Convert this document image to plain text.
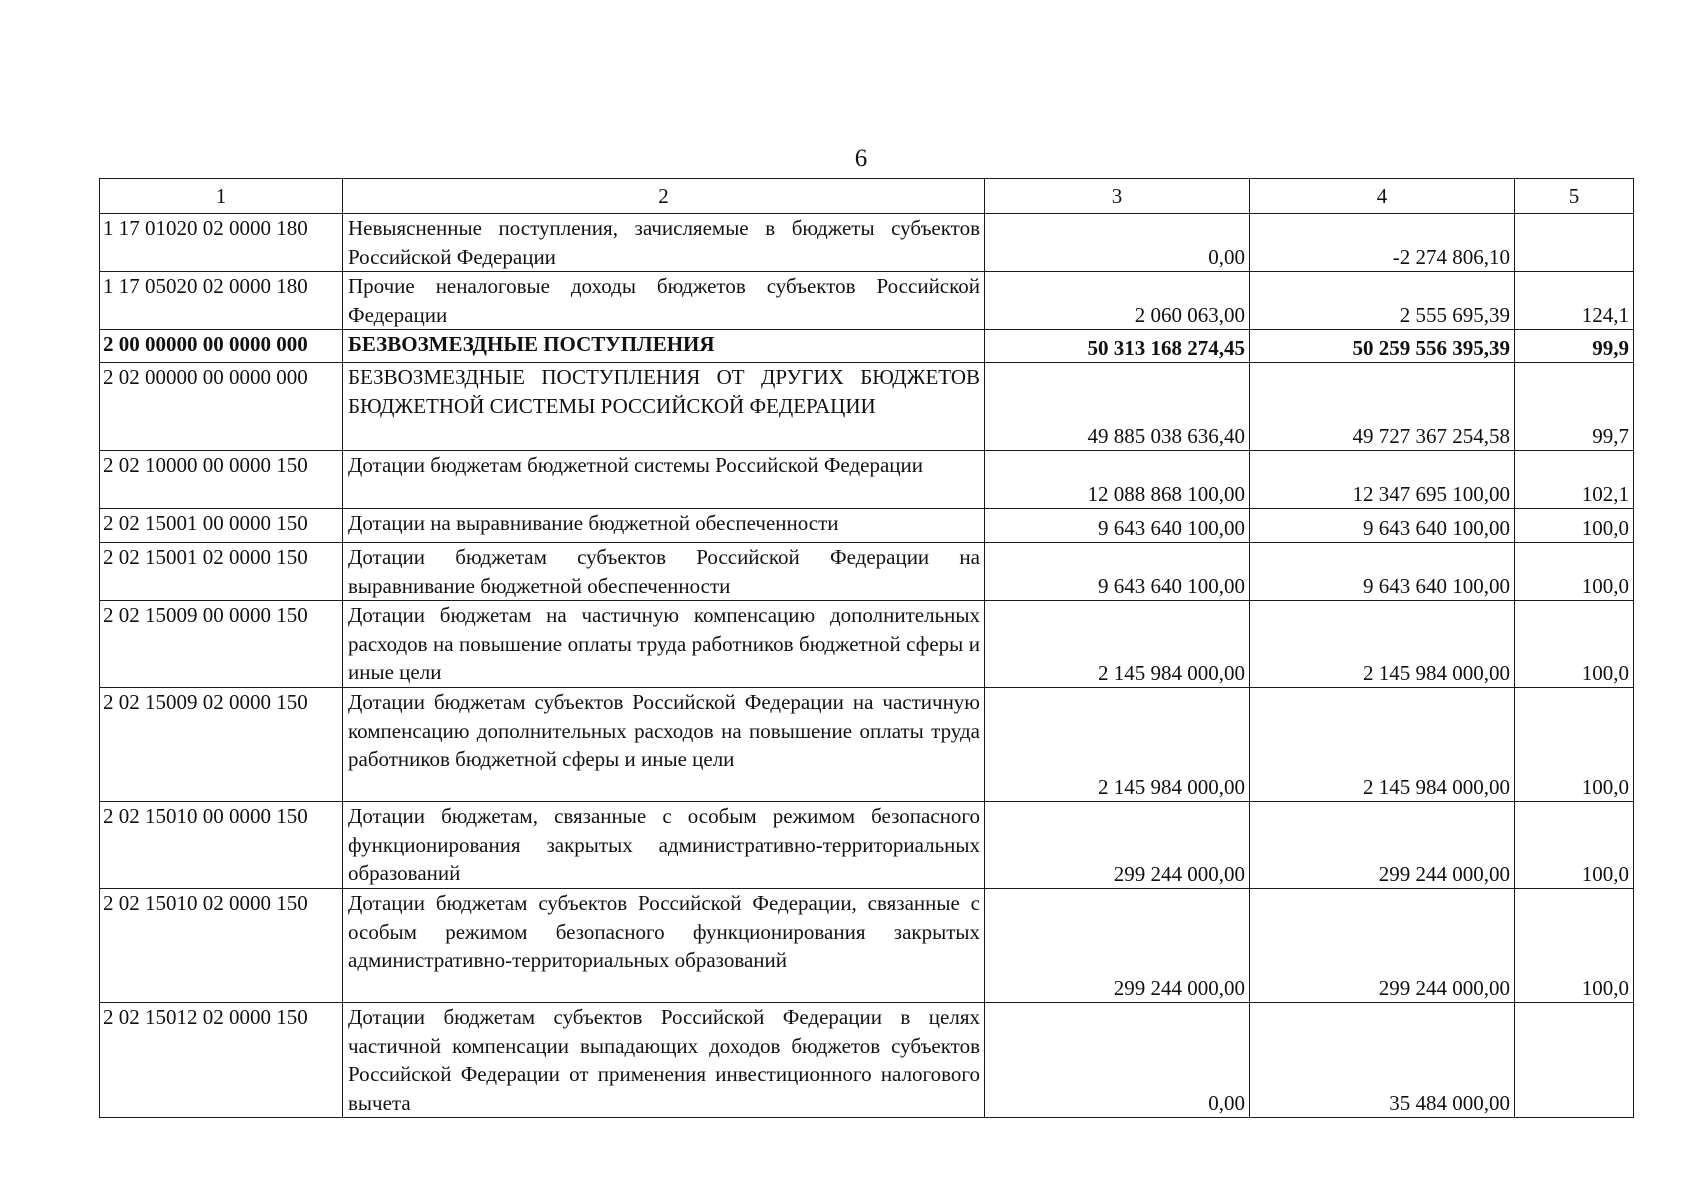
6
1	2	3	4	5
1 17 01020 02 0000 180	Невыясненные поступления, зачисляемые в бюджеты субъектов Российской Федерации	0,00	-2 274 806,10	
1 17 05020 02 0000 180	Прочие неналоговые доходы бюджетов субъектов Российской Федерации	2 060 063,00	2 555 695,39	124,1
2 00 00000 00 0000 000	БЕЗВОЗМЕЗДНЫЕ ПОСТУПЛЕНИЯ	50 313 168 274,45	50 259 556 395,39	99,9
2 02 00000 00 0000 000	БЕЗВОЗМЕЗДНЫЕ ПОСТУПЛЕНИЯ ОТ ДРУГИХ БЮДЖЕТОВ БЮДЖЕТНОЙ СИСТЕМЫ РОССИЙСКОЙ ФЕДЕРАЦИИ	49 885 038 636,40	49 727 367 254,58	99,7
2 02 10000 00 0000 150	Дотации бюджетам бюджетной системы Российской Федерации	12 088 868 100,00	12 347 695 100,00	102,1
2 02 15001 00 0000 150	Дотации на выравнивание бюджетной обеспеченности	9 643 640 100,00	9 643 640 100,00	100,0
2 02 15001 02 0000 150	Дотации бюджетам субъектов Российской Федерации на выравнивание бюджетной обеспеченности	9 643 640 100,00	9 643 640 100,00	100,0
2 02 15009 00 0000 150	Дотации бюджетам на частичную компенсацию дополнительных расходов на повышение оплаты труда работников бюджетной сферы и иные цели	2 145 984 000,00	2 145 984 000,00	100,0
2 02 15009 02 0000 150	Дотации бюджетам субъектов Российской Федерации на частичную компенсацию дополнительных расходов на повышение оплаты труда работников бюджетной сферы и иные цели	2 145 984 000,00	2 145 984 000,00	100,0
2 02 15010 00 0000 150	Дотации бюджетам, связанные с особым режимом безопасного функционирования закрытых административно-территориальных образований	299 244 000,00	299 244 000,00	100,0
2 02 15010 02 0000 150	Дотации бюджетам субъектов Российской Федерации, связанные с особым режимом безопасного функционирования закрытых административно-территориальных образований	299 244 000,00	299 244 000,00	100,0
2 02 15012 02 0000 150	Дотации бюджетам субъектов Российской Федерации в целях частичной компенсации выпадающих доходов бюджетов субъектов Российской Федерации от применения инвестиционного налогового вычета	0,00	35 484 000,00	
